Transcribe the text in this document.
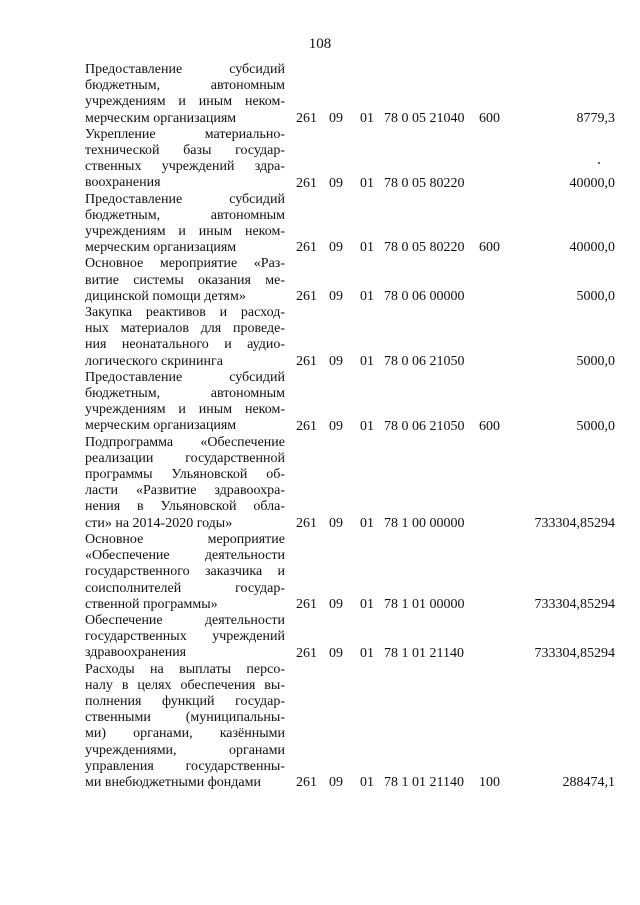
108
Предоставление субсидий
бюджетным, автономным
учреждениям и иным неком-
мерческим организациям	261 09 01 78 0 05 21040 600	8779,3
Укрепление материально-
технической базы государ-
ственных учреждений здра-
воохранения	261 09 01 78 0 05 80220	40000,0
Предоставление субсидий
бюджетным, автономным
учреждениям и иным неком-
мерческим организациям	261 09 01 78 0 05 80220 600	40000,0
Основное мероприятие «Раз-
витие системы оказания ме-
дицинской помощи детям»	261 09 01 78 0 06 00000	5000,0
Закупка реактивов и расход-
ных материалов для проведе-
ния неонатального и аудио-
логического скрининга	261 09 01 78 0 06 21050	5000,0
Предоставление субсидий
бюджетным, автономным
учреждениям и иным неком-
мерческим организациям	261 09 01 78 0 06 21050 600	5000,0
Подпрограмма «Обеспечение
реализации государственной
программы Ульяновской об-
ласти «Развитие здравоохра-
нения в Ульяновской обла-
сти» на 2014-2020 годы»	261 09 01 78 1 00 00000	733304,85294
Основное мероприятие
«Обеспечение деятельности
государственного заказчика и
соисполнителей государ-
ственной программы»	261 09 01 78 1 01 00000	733304,85294
Обеспечение деятельности
государственных учреждений
здравоохранения	261 09 01 78 1 01 21140	733304,85294
Расходы на выплаты персо-
налу в целях обеспечения вы-
полнения функций государ-
ственными (муниципальны-
ми) органами, казёнными
учреждениями, органами
управления государственны-
ми внебюджетными фондами	261 09 01 78 1 01 21140 100	288474,1
